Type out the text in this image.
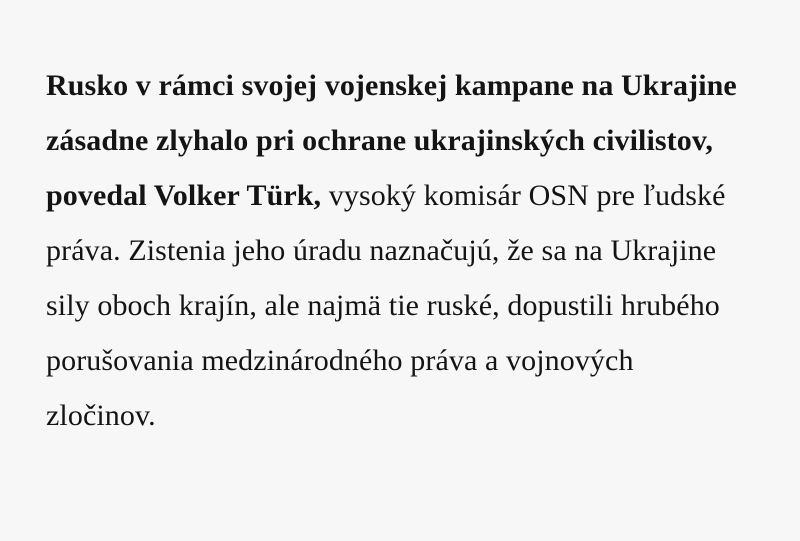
Rusko v rámci svojej vojenskej kampane na Ukrajine zásadne zlyhalo pri ochrane ukrajinských civilistov, povedal Volker Türk, vysoký komisár OSN pre ľudské práva. Zistenia jeho úradu naznačujú, že sa na Ukrajine sily oboch krajín, ale najmä tie ruské, dopustili hrubého porušovania medzinárodného práva a vojnových zločinov.
